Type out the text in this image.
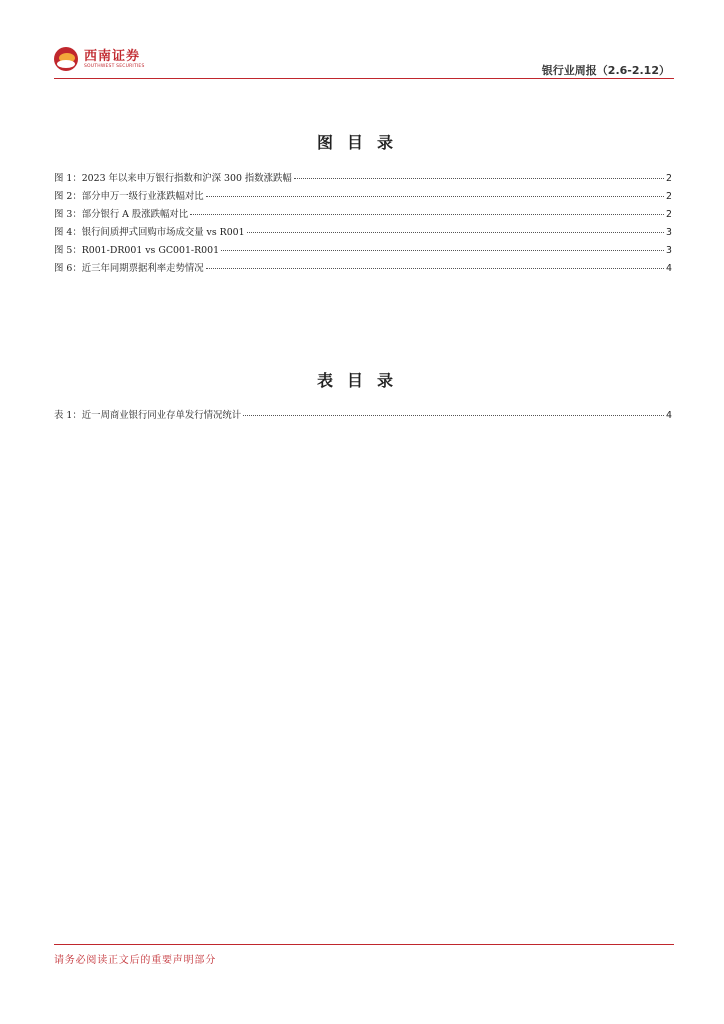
西南证券
SOUTHWEST SECURITIES	银行业周报（2.6-2.12）
图目录
图 1：2023 年以来申万银行指数和沪深 300 指数涨跌幅	2
图 2：部分申万一级行业涨跌幅对比	2
图 3：部分银行 A 股涨跌幅对比	2
图 4：银行间质押式回购市场成交量 vs R001	3
图 5：R001-DR001 vs GC001-R001	3
图 6：近三年同期票据利率走势情况	4
表目录
表 1：近一周商业银行同业存单发行情况统计	4
请务必阅读正文后的重要声明部分
